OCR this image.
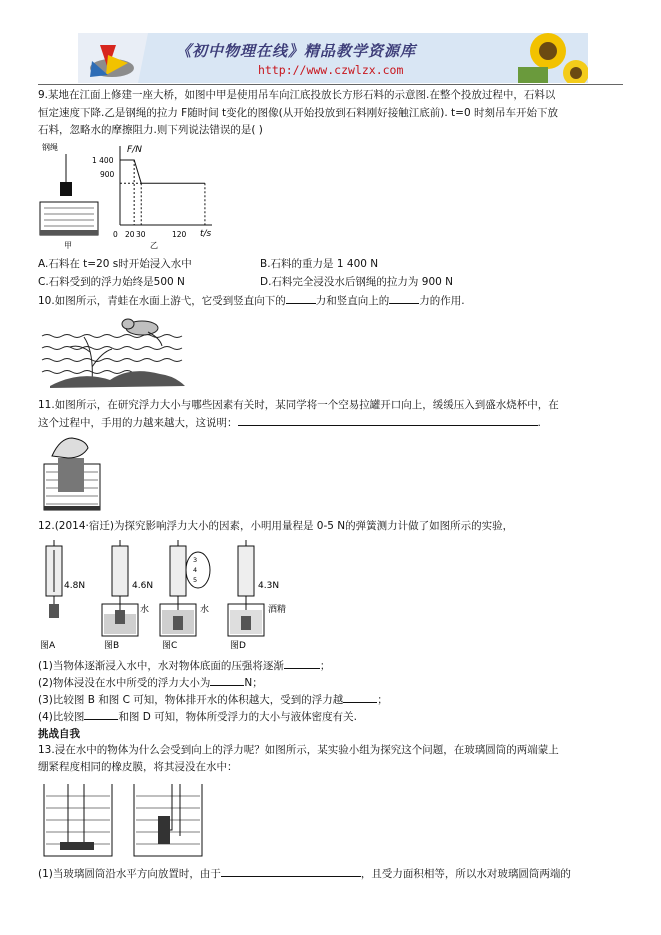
《初中物理在线》精品教学资源库
http://www.czwlzx.com
9.某地在江面上修建一座大桥，如图中甲是使用吊车向江底投放长方形石料的示意图.在整个投放过程中，石料以
恒定速度下降.乙是钢绳的拉力 F随时间 t变化的图像(从开始投放到石料刚好接触江底前). t=0 时刻吊车开始下放
石料，忽略水的摩擦阻力.则下列说法错误的是( )
钢绳
甲
F/N
t/s
1 400
900
0 20 30	120
乙
A.石料在 t=20 s时开始浸入水中	B.石料的重力是 1 400 N
C.石料受到的浮力始终是500 N	D.石料完全浸没水后钢绳的拉力为 900 N
10.如图所示，青蛙在水面上游弋，它受到竖直向下的	力和竖直向上的	力的作用.
11.如图所示，在研究浮力大小与哪些因素有关时，某同学将一个空易拉罐开口向上，缓缓压入到盛水烧杯中，在
这个过程中，手用的力越来越大，这说明：	.
12.(2014·宿迁)为探究影响浮力大小的因素，小明用量程是 0-5 N的弹簧测力计做了如图所示的实验，
4.8N
图A
4.6N
水
图B
3
4
5
水
图C
4.3N
酒精
图D
(1)当物体逐渐浸入水中，水对物体底面的压强将逐渐	；
(2)物体浸没在水中所受的浮力大小为	N；
(3)比较图 B 和图 C 可知，物体排开水的体积越大，受到的浮力越	；
(4)比较图	和图 D 可知，物体所受浮力的大小与液体密度有关.
挑战自我
13.浸在水中的物体为什么会受到向上的浮力呢？如图所示，某实验小组为探究这个问题，在玻璃圆筒的两端蒙上
绷紧程度相同的橡皮膜，将其浸没在水中：
(1)当玻璃圆筒沿水平方向放置时，由于	，且受力面积相等，所以水对玻璃圆筒两端的
